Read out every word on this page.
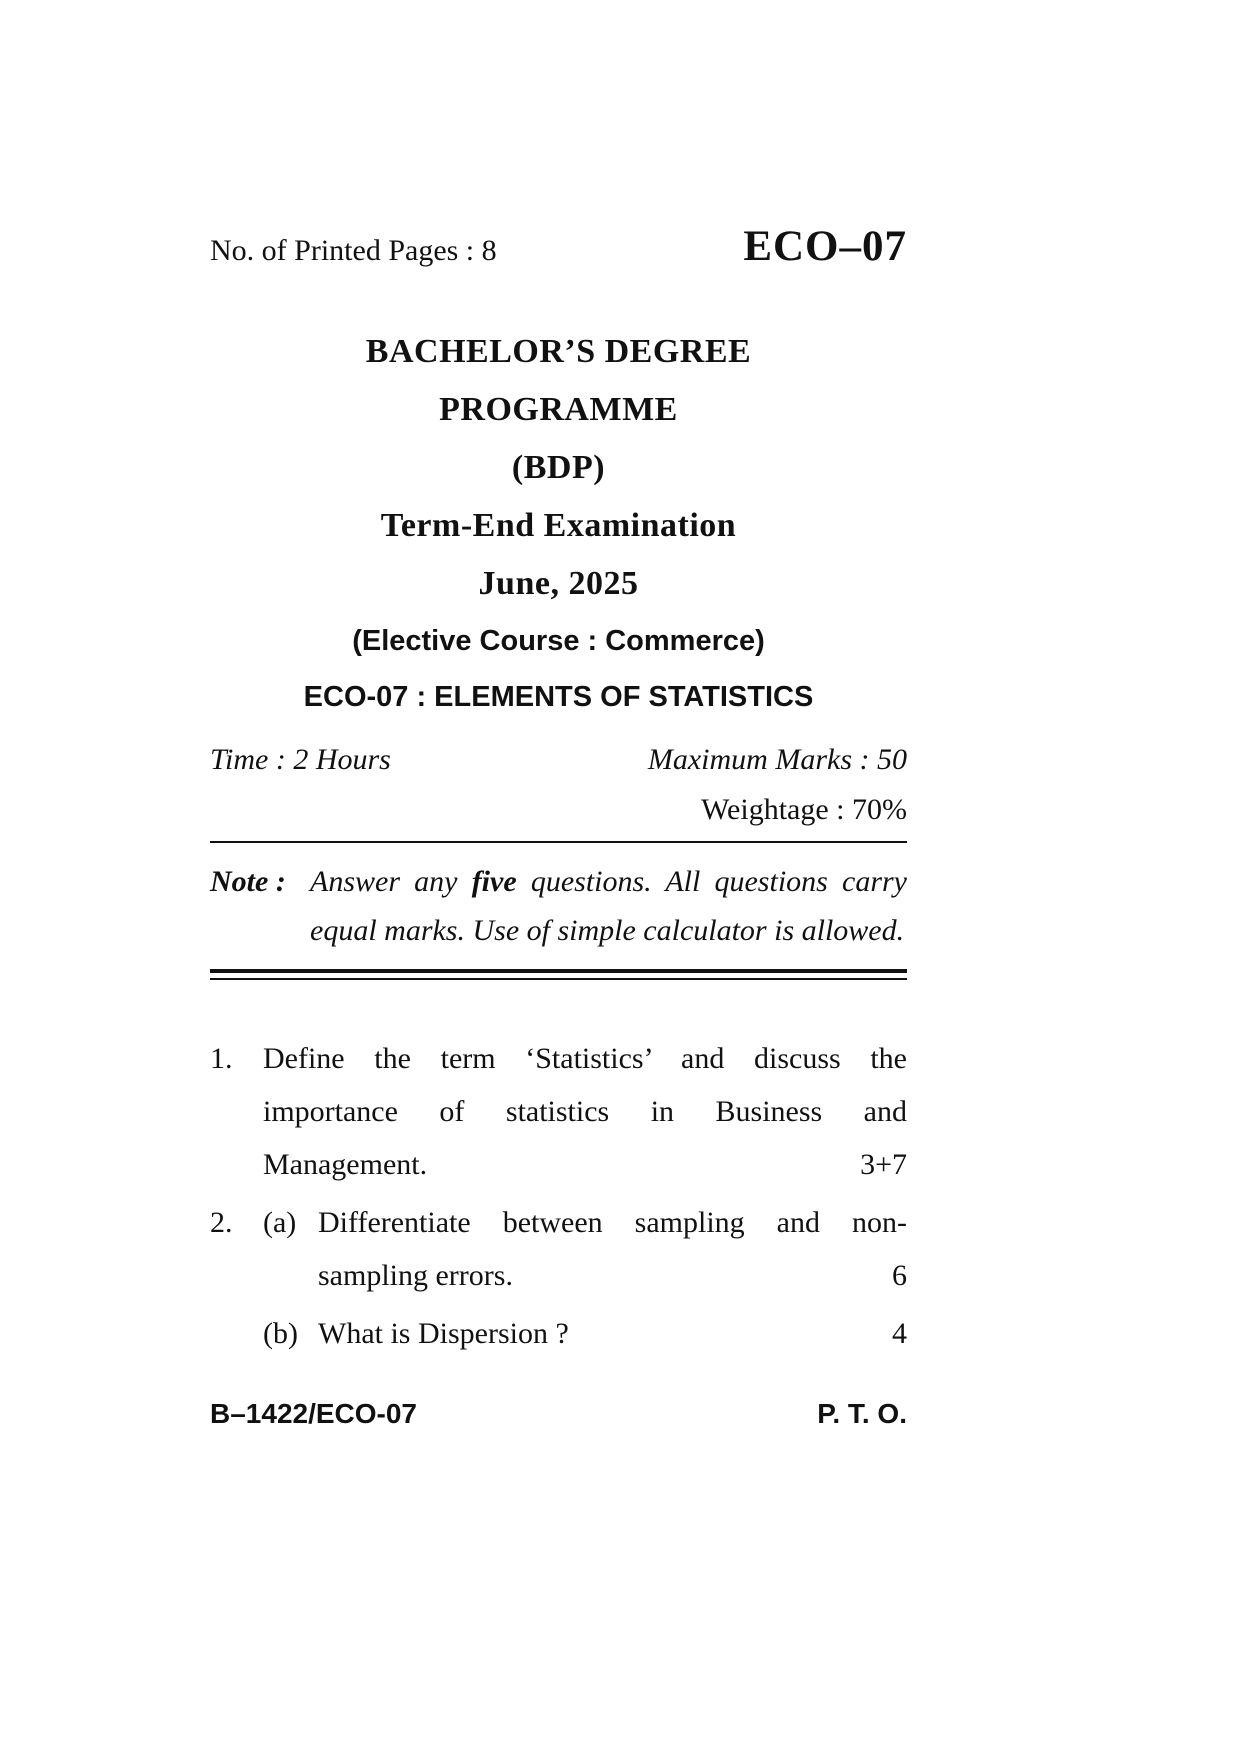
No. of Printed Pages : 8	ECO–07
BACHELOR’S DEGREE
PROGRAMME
(BDP)
Term-End Examination
June, 2025
(Elective Course : Commerce)
ECO-07 : ELEMENTS OF STATISTICS
Time : 2 Hours	Maximum Marks : 50
Weightage : 70%
Note : Answer any five questions. All questions carry equal marks. Use of simple calculator is allowed.
1.	Define the term ‘Statistics’ and discuss the importance of statistics in Business and Management.	3+7
2.	(a) Differentiate between sampling and non-sampling errors.	6
(b) What is Dispersion ?	4
B–1422/ECO-07	P. T. O.
